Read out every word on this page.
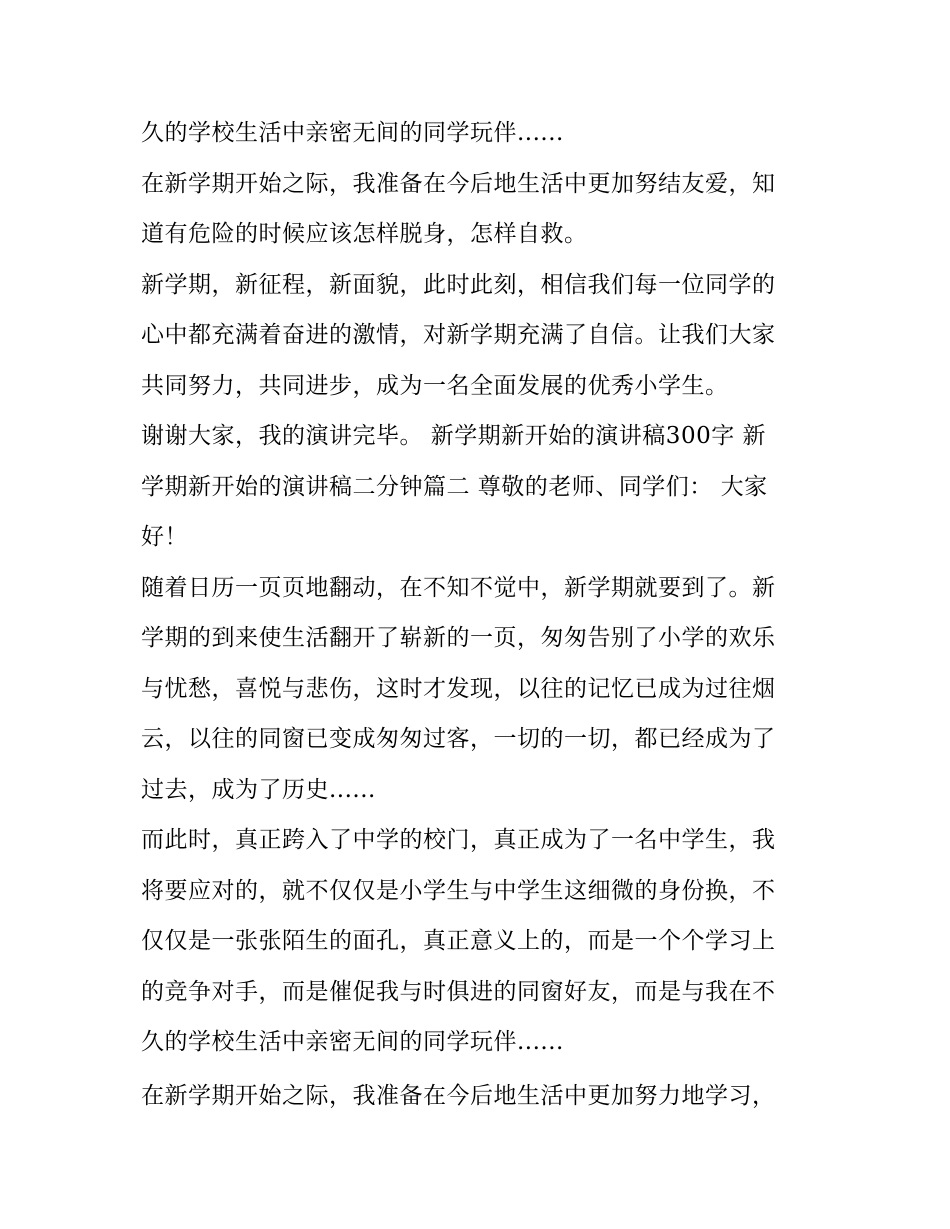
久的学校生活中亲密无间的同学玩伴......
在新学期开始之际，我准备在今后地生活中更加努结友爱，知
道有危险的时候应该怎样脱身，怎样自救。
新学期，新征程，新面貌，此时此刻，相信我们每一位同学的
心中都充满着奋进的激情，对新学期充满了自信。让我们大家
共同努力，共同进步，成为一名全面发展的优秀小学生。
谢谢大家，我的演讲完毕。 新学期新开始的演讲稿300字 新
学期新开始的演讲稿二分钟篇二 尊敬的老师、同学们： 大家
好！
随着日历一页页地翻动，在不知不觉中，新学期就要到了。新
学期的到来使生活翻开了崭新的一页，匆匆告别了小学的欢乐
与忧愁，喜悦与悲伤，这时才发现，以往的记忆已成为过往烟
云，以往的同窗已变成匆匆过客，一切的一切，都已经成为了
过去，成为了历史......
而此时，真正跨入了中学的校门，真正成为了一名中学生，我
将要应对的，就不仅仅是小学生与中学生这细微的身份换，不
仅仅是一张张陌生的面孔，真正意义上的，而是一个个学习上
的竞争对手，而是催促我与时俱进的同窗好友，而是与我在不
久的学校生活中亲密无间的同学玩伴......
在新学期开始之际，我准备在今后地生活中更加努力地学习，
